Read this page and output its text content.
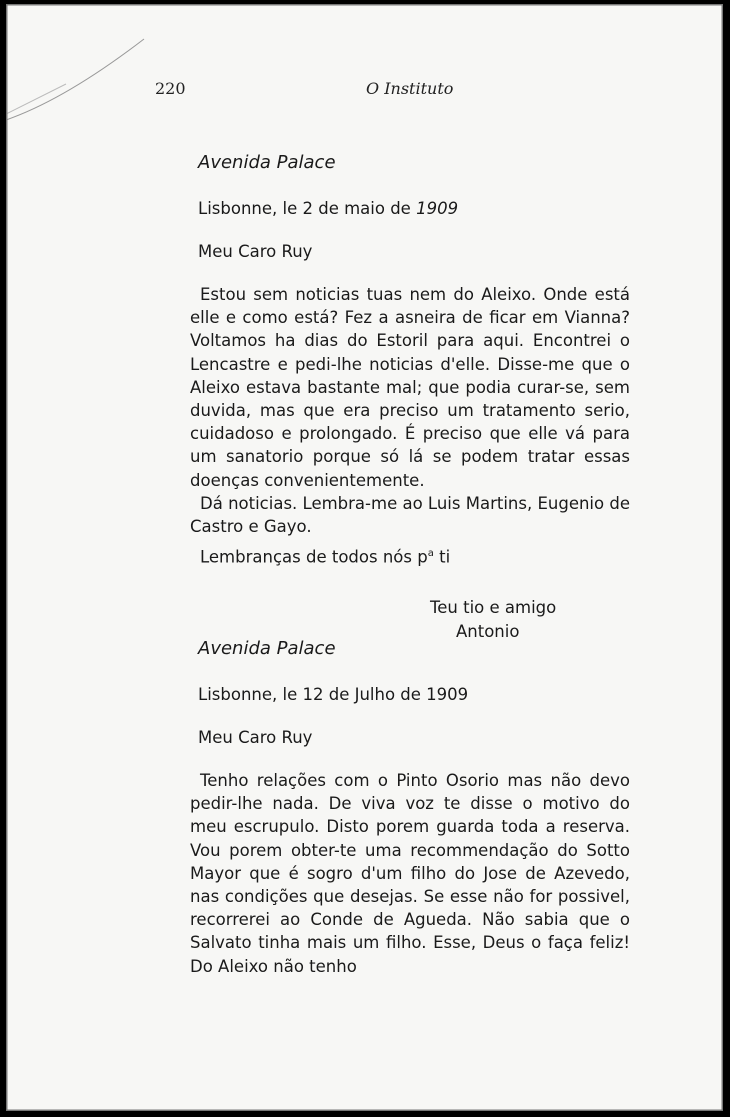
220	O Instituto
Avenida Palace
Lisbonne, le 2 de maio de 1909
Meu Caro Ruy

Estou sem noticias tuas nem do Aleixo. Onde está elle e como está? Fez a asneira de ficar em Vianna? Voltamos ha dias do Estoril para aqui. Encontrei o Lencastre e pedi-lhe noticias d'elle. Disse-me que o Aleixo estava bastante mal; que podia curar-se, sem duvida, mas que era preciso um tratamento serio, cuidadoso e prolongado. É preciso que elle vá para um sanatorio porque só lá se podem tratar essas doenças convenientemente.

Dá noticias. Lembra-me ao Luis Martins, Eugenio de Castro e Gayo.

Lembranças de todos nós $p^a$ ti
Teu tio e amigo
Antonio
Avenida Palace
Lisbonne, le 12 de Julho de 1909
Meu Caro Ruy

Tenho relações com o Pinto Osorio mas não devo pedir-lhe nada. De viva voz te disse o motivo do meu escrupulo. Disto porem guarda toda a reserva. Vou porem obter-te uma recommendação do Sotto Mayor que é sogro d'um filho do Jose de Azevedo, nas condições que desejas. Se esse não for possivel, recorrerei ao Conde de Agueda. Não sabia que o Salvato tinha mais um filho. Esse, Deus o faça feliz! Do Aleixo não tenho
